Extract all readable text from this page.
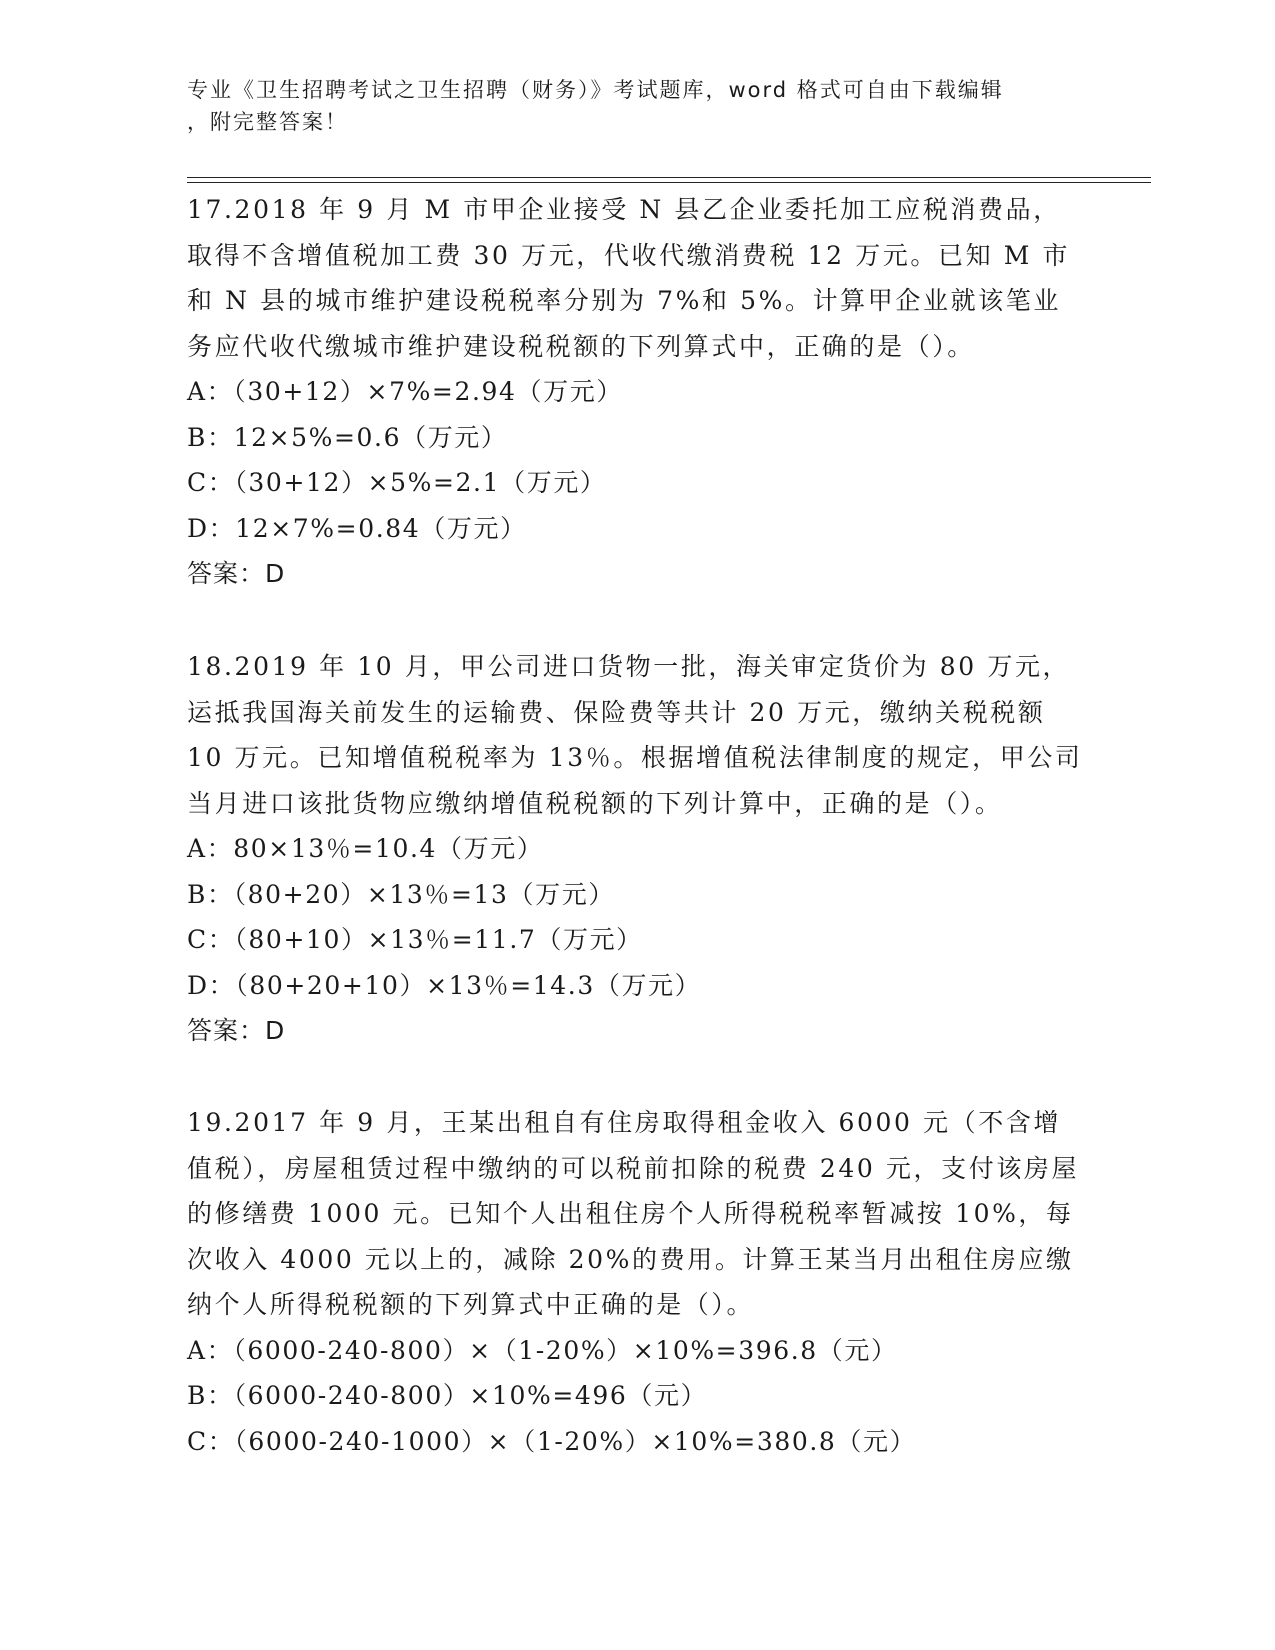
专业《卫生招聘考试之卫生招聘（财务）》考试题库，word 格式可自由下载编辑
，附完整答案！

17.2018 年 9 月 M 市甲企业接受 N 县乙企业委托加工应税消费品，取得不含增值税加工费 30 万元，代收代缴消费税 12 万元。已知 M 市和 N 县的城市维护建设税税率分别为 7%和 5%。计算甲企业就该笔业务应代收代缴城市维护建设税税额的下列算式中，正确的是（）。

A：（30+12）×7%=2.94（万元）

B：12×5%=0.6（万元）

C：（30+12）×5%=2.1（万元）

D：12×7%=0.84（万元）

答案：D

18.2019 年 10 月，甲公司进口货物一批，海关审定货价为 80 万元，运抵我国海关前发生的运输费、保险费等共计 20 万元，缴纳关税税额 10 万元。已知增值税税率为 13％。根据增值税法律制度的规定，甲公司当月进口该批货物应缴纳增值税税额的下列计算中，正确的是（）。

A：80×13％=10.4（万元）

B：（80+20）×13％=13（万元）

C：（80+10）×13％=11.7（万元）

D：（80+20+10）×13％=14.3（万元）

答案：D

19.2017 年 9 月，王某出租自有住房取得租金收入 6000 元（不含增值税），房屋租赁过程中缴纳的可以税前扣除的税费 240 元，支付该房屋的修缮费 1000 元。已知个人出租住房个人所得税税率暂减按 10%，每次收入 4000 元以上的，减除 20%的费用。计算王某当月出租住房应缴纳个人所得税税额的下列算式中正确的是（）。

A：（6000-240-800）×（1-20%）×10%=396.8（元）

B：（6000-240-800）×10%=496（元）

C：（6000-240-1000）×（1-20%）×10%=380.8（元）
